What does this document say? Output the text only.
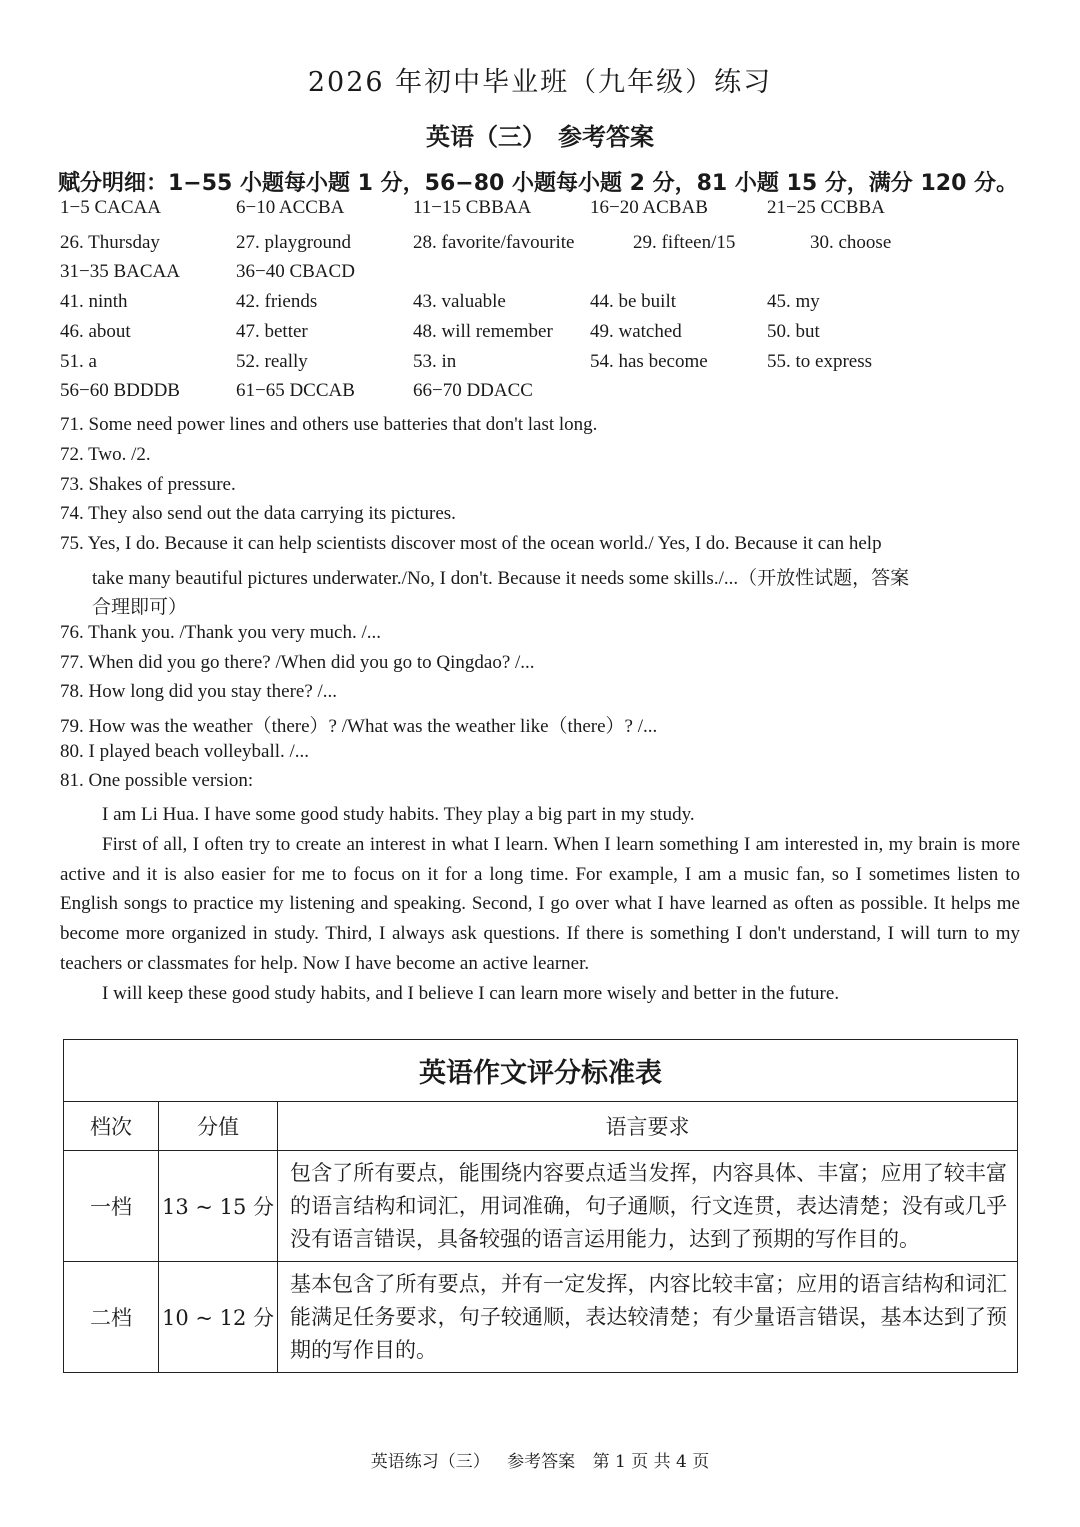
2026 年初中毕业班（九年级）练习
英语（三）　参考答案
赋分明细：1−55 小题每小题 1 分，56−80 小题每小题 2 分，81 小题 15 分，满分 120 分。
1−5 CACAA	6−10 ACCBA	11−15 CBBAA	16−20 ACBAB	21−25 CCBBA
26. Thursday	27. playground	28. favorite/favourite	29. fifteen/15	30. choose
31−35 BACAA	36−40 CBACD
41. ninth	42. friends	43. valuable	44. be built	45. my
46. about	47. better	48. will remember 49. watched	50. but
51. a	52. really	53. in	54. has become	55. to express
56−60 BDDDB	61−65 DCCAB	66−70 DDACC
71. Some need power lines and others use batteries that don't last long.
72. Two. /2.
73. Shakes of pressure.
74. They also send out the data carrying its pictures.
75. Yes, I do. Because it can help scientists discover most of the ocean world./ Yes, I do. Because it can help
take many beautiful pictures underwater./No, I don't. Because it needs some skills./...（开放性试题，答案
合理即可）
76. Thank you. /Thank you very much. /...
77. When did you go there? /When did you go to Qingdao? /...
78. How long did you stay there? /...
79. How was the weather（there）? /What was the weather like（there）? /...
80. I played beach volleyball. /...
81. One possible version:

I am Li Hua. I have some good study habits. They play a big part in my study.

First of all, I often try to create an interest in what I learn. When I learn something I am interested in, my brain is more active and it is also easier for me to focus on it for a long time. For example, I am a music fan, so I sometimes listen to English songs to practice my listening and speaking. Second, I go over what I have learned as often as possible. It helps me become more organized in study. Third, I always ask questions. If there is something I don't understand, I will turn to my teachers or classmates for help. Now I have become an active learner.

I will keep these good study habits, and I believe I can learn more wisely and better in the future.

英语作文评分标准表		
档次	分值	语言要求
一档	13 ~ 15 分	包含了所有要点，能围绕内容要点适当发挥，内容具体、丰富；应用了较丰富的语言结构和词汇，用词准确，句子通顺，行文连贯，表达清楚；没有或几乎没有语言错误，具备较强的语言运用能力，达到了预期的写作目的。
二档	10 ~ 12 分	基本包含了所有要点，并有一定发挥，内容比较丰富；应用的语言结构和词汇能满足任务要求，句子较通顺，表达较清楚；有少量语言错误，基本达到了预期的写作目的。
英语练习（三） 参考答案 第 1 页 共 4 页
